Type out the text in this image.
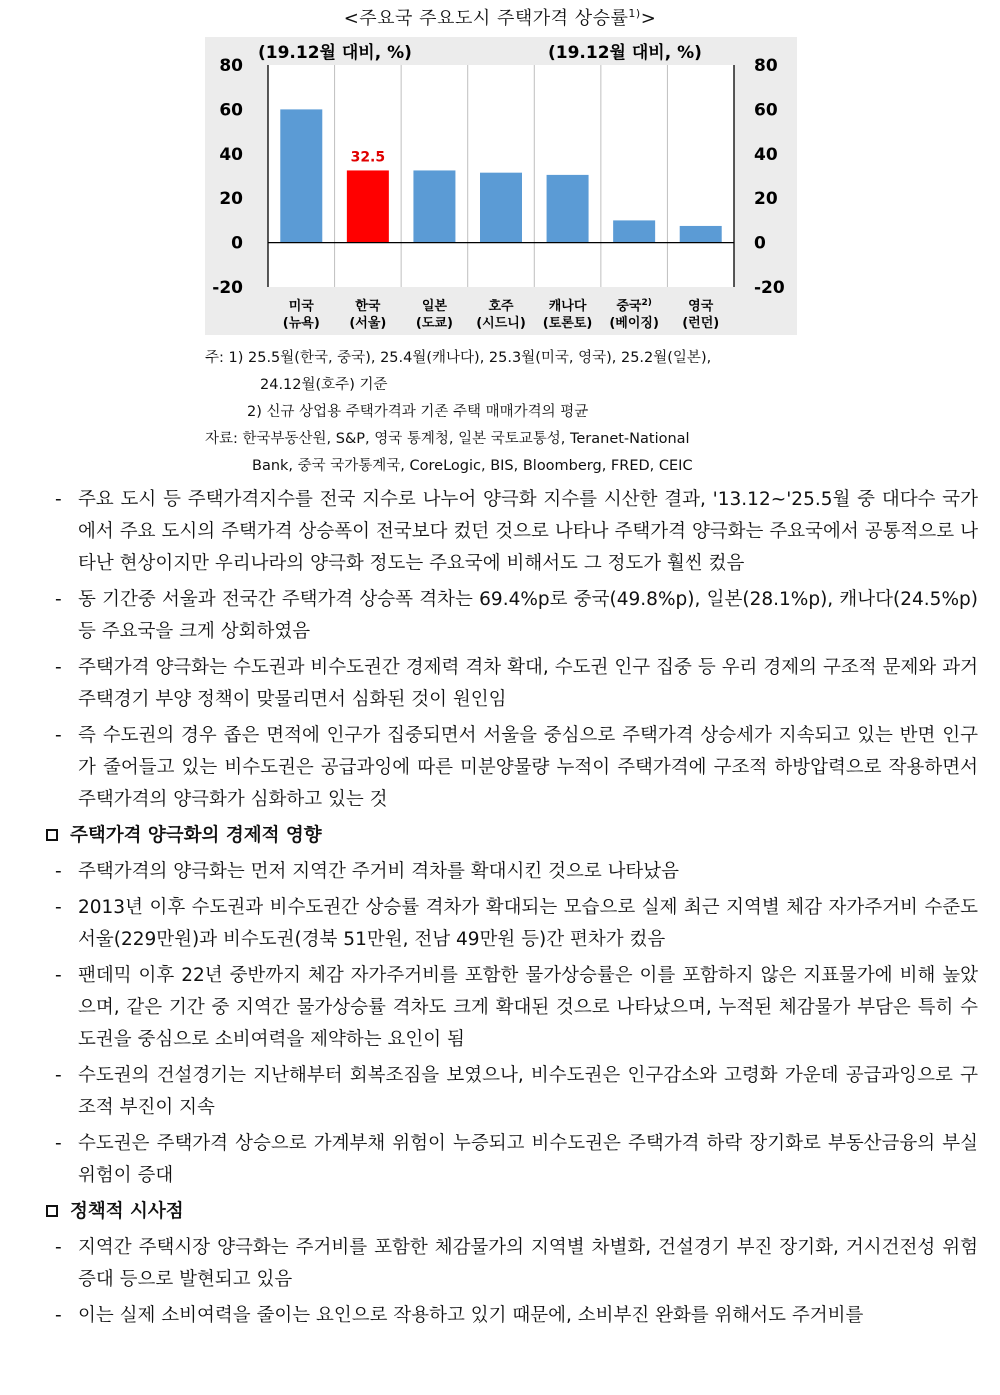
<주요국 주요도시 주택가격 상승률$^{1)}$>
32.5
(19.12월 대비, %)	(19.12월 대비, %)
80
60
40
20
0
-20
80
60
40
20
0
-20
미국
(뉴욕)
한국
(서울)
일본
(도쿄)
호주
(시드니)
캐나다
(토론토)
중국$^{2)}$
(베이징)
영국
(런던)
주: 1) 25.5월(한국, 중국), 25.4월(캐나다), 25.3월(미국, 영국), 25.2월(일본),
24.12월(호주) 기준
2) 신규 상업용 주택가격과 기존 주택 매매가격의 평균
자료: 한국부동산원, S&P, 영국 통계청, 일본 국토교통성, Teranet-National
Bank, 중국 국가통계국, CoreLogic, BIS, Bloomberg, FRED, CEIC
- 주요 도시 등 주택가격지수를 전국 지수로 나누어 양극화 지수를 시산한 결과, '13.12~'25.5월 중 대다수 국가에서 주요 도시의 주택가격 상승폭이 전국보다 컸던 것으로 나타나 주택가격 양극화는 주요국에서 공통적으로 나타난 현상이지만 우리나라의 양극화 정도는 주요국에 비해서도 그 정도가 훨씬 컸음
- 동 기간중 서울과 전국간 주택가격 상승폭 격차는 69.4%p로 중국(49.8%p), 일본(28.1%p), 캐나다(24.5%p) 등 주요국을 크게 상회하였음
- 주택가격 양극화는 수도권과 비수도권간 경제력 격차 확대, 수도권 인구 집중 등 우리 경제의 구조적 문제와 과거 주택경기 부양 정책이 맞물리면서 심화된 것이 원인임
- 즉 수도권의 경우 좁은 면적에 인구가 집중되면서 서울을 중심으로 주택가격 상승세가 지속되고 있는 반면 인구가 줄어들고 있는 비수도권은 공급과잉에 따른 미분양물량 누적이 주택가격에 구조적 하방압력으로 작용하면서 주택가격의 양극화가 심화하고 있는 것
주택가격 양극화의 경제적 영향
- 주택가격의 양극화는 먼저 지역간 주거비 격차를 확대시킨 것으로 나타났음
- 2013년 이후 수도권과 비수도권간 상승률 격차가 확대되는 모습으로 실제 최근 지역별 체감 자가주거비 수준도 서울(229만원)과 비수도권(경북 51만원, 전남 49만원 등)간 편차가 컸음
- 팬데믹 이후 22년 중반까지 체감 자가주거비를 포함한 물가상승률은 이를 포함하지 않은 지표물가에 비해 높았으며, 같은 기간 중 지역간 물가상승률 격차도 크게 확대된 것으로 나타났으며, 누적된 체감물가 부담은 특히 수도권을 중심으로 소비여력을 제약하는 요인이 됨
- 수도권의 건설경기는 지난해부터 회복조짐을 보였으나, 비수도권은 인구감소와 고령화 가운데 공급과잉으로 구조적 부진이 지속
- 수도권은 주택가격 상승으로 가계부채 위험이 누증되고 비수도권은 주택가격 하락 장기화로 부동산금융의 부실위험이 증대
정책적 시사점
- 지역간 주택시장 양극화는 주거비를 포함한 체감물가의 지역별 차별화, 건설경기 부진 장기화, 거시건전성 위험 증대 등으로 발현되고 있음
- 이는 실제 소비여력을 줄이는 요인으로 작용하고 있기 때문에, 소비부진 완화를 위해서도 주거비를
